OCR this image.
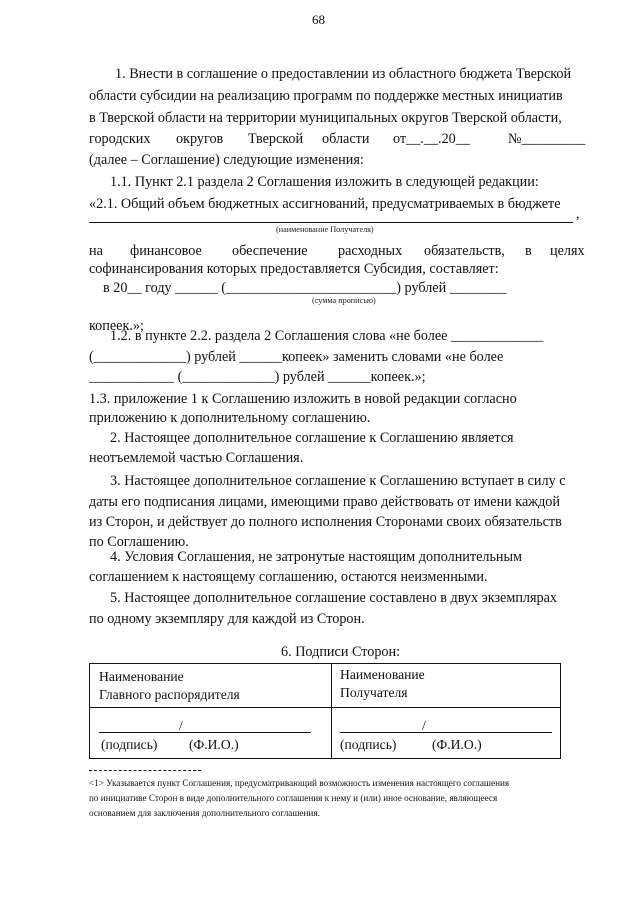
68
1. Внести в соглашение о предоставлении из областного бюджета Тверской
области субсидии на реализацию программ по поддержке местных инициатив
в Тверской области на территории муниципальных округов Тверской области,
городских округов Тверской области от__.__.20__	№_________
(далее – Соглашение) следующие изменения:
1.1. Пункт 2.1 раздела 2 Соглашения изложить в следующей редакции:
«2.1. Общий объем бюджетных ассигнований, предусматриваемых в бюджете
,
(наименование Получателя)
на финансовое обеспечение расходных обязательств, в целях
софинансирования которых предоставляется Субсидия, составляет:
в 20__ году ______ (________________________) рублей ________
(сумма прописью)
копеек.»;
1.2. в пункте 2.2. раздела 2 Соглашения слова «не более _____________
(_____________) рублей ______копеек» заменить словами «не более
____________ (_____________) рублей ______копеек.»;
1.3. приложение 1 к Соглашению изложить в новой редакции согласно
приложению к дополнительному соглашению.
2. Настоящее дополнительное соглашение к Соглашению является
неотъемлемой частью Соглашения.
3. Настоящее дополнительное соглашение к Соглашению вступает в силу с
даты его подписания лицами, имеющими право действовать от имени каждой
из Сторон, и действует до полного исполнения Сторонами своих обязательств
по Соглашению.
4. Условия Соглашения, не затронутые настоящим дополнительным
соглашением к настоящему соглашению, остаются неизменными.
5. Настоящее дополнительное соглашение составлено в двух экземплярах
по одному экземпляру для каждой из Сторон.
6. Подписи Сторон:
Наименование
Главного распорядителя
Наименование
Получателя
/
(подпись) (Ф.И.О.)
/
(подпись)	(Ф.И.О.)
<1> Указывается пункт Соглашения, предусматривающий возможность изменения настоящего соглашения
по инициативе Сторон в виде дополнительного соглашения к нему и (или) иное основание, являющееся
основанием для заключения дополнительного соглашения.
